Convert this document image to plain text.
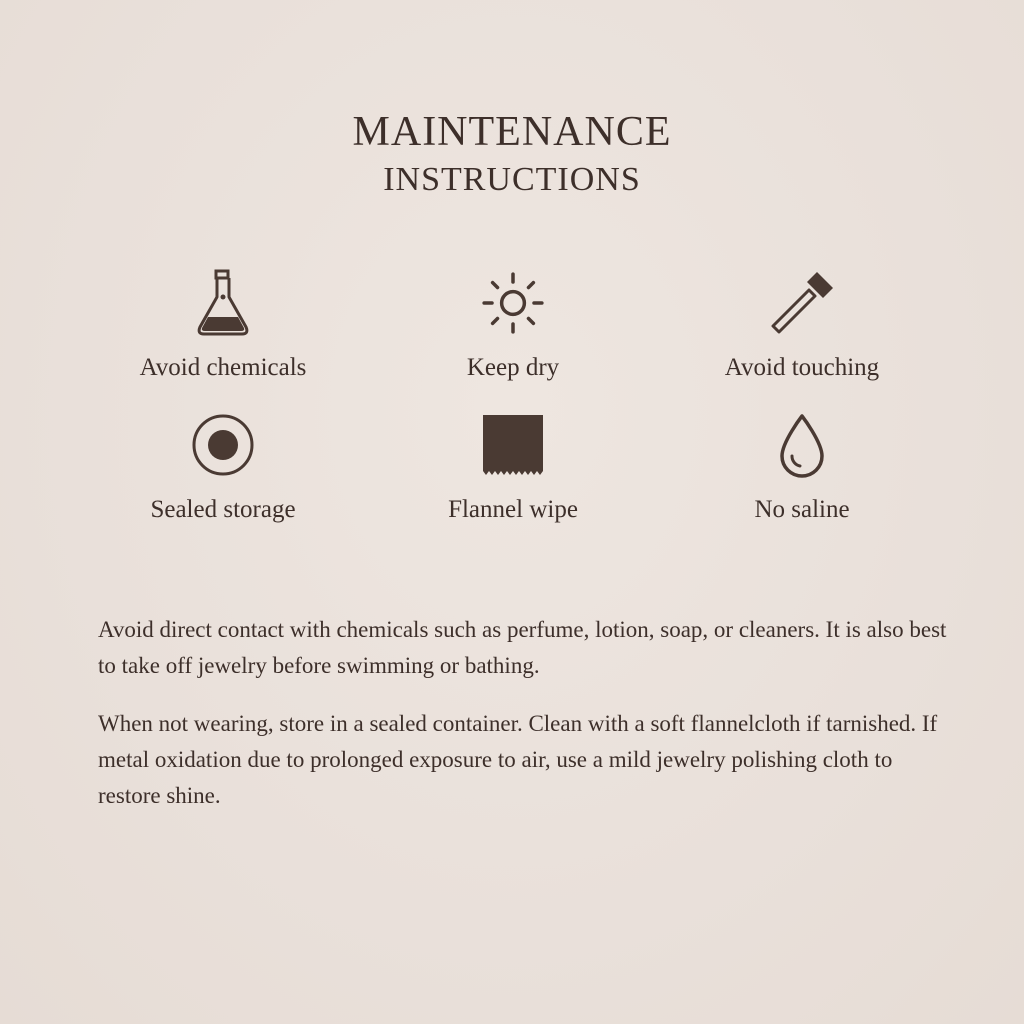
MAINTENANCE
INSTRUCTIONS
Avoid chemicals	Keep dry	Avoid touching
Sealed storage	Flannel wipe	No saline

Avoid direct contact with chemicals such as perfume, lotion, soap, or cleaners. It is also best to take off jewelry before swimming or bathing.

When not wearing, store in a sealed container. Clean with a soft flannelcloth if tarnished. If metal oxidation due to prolonged exposure to air, use a mild jewelry polishing cloth to restore shine.
